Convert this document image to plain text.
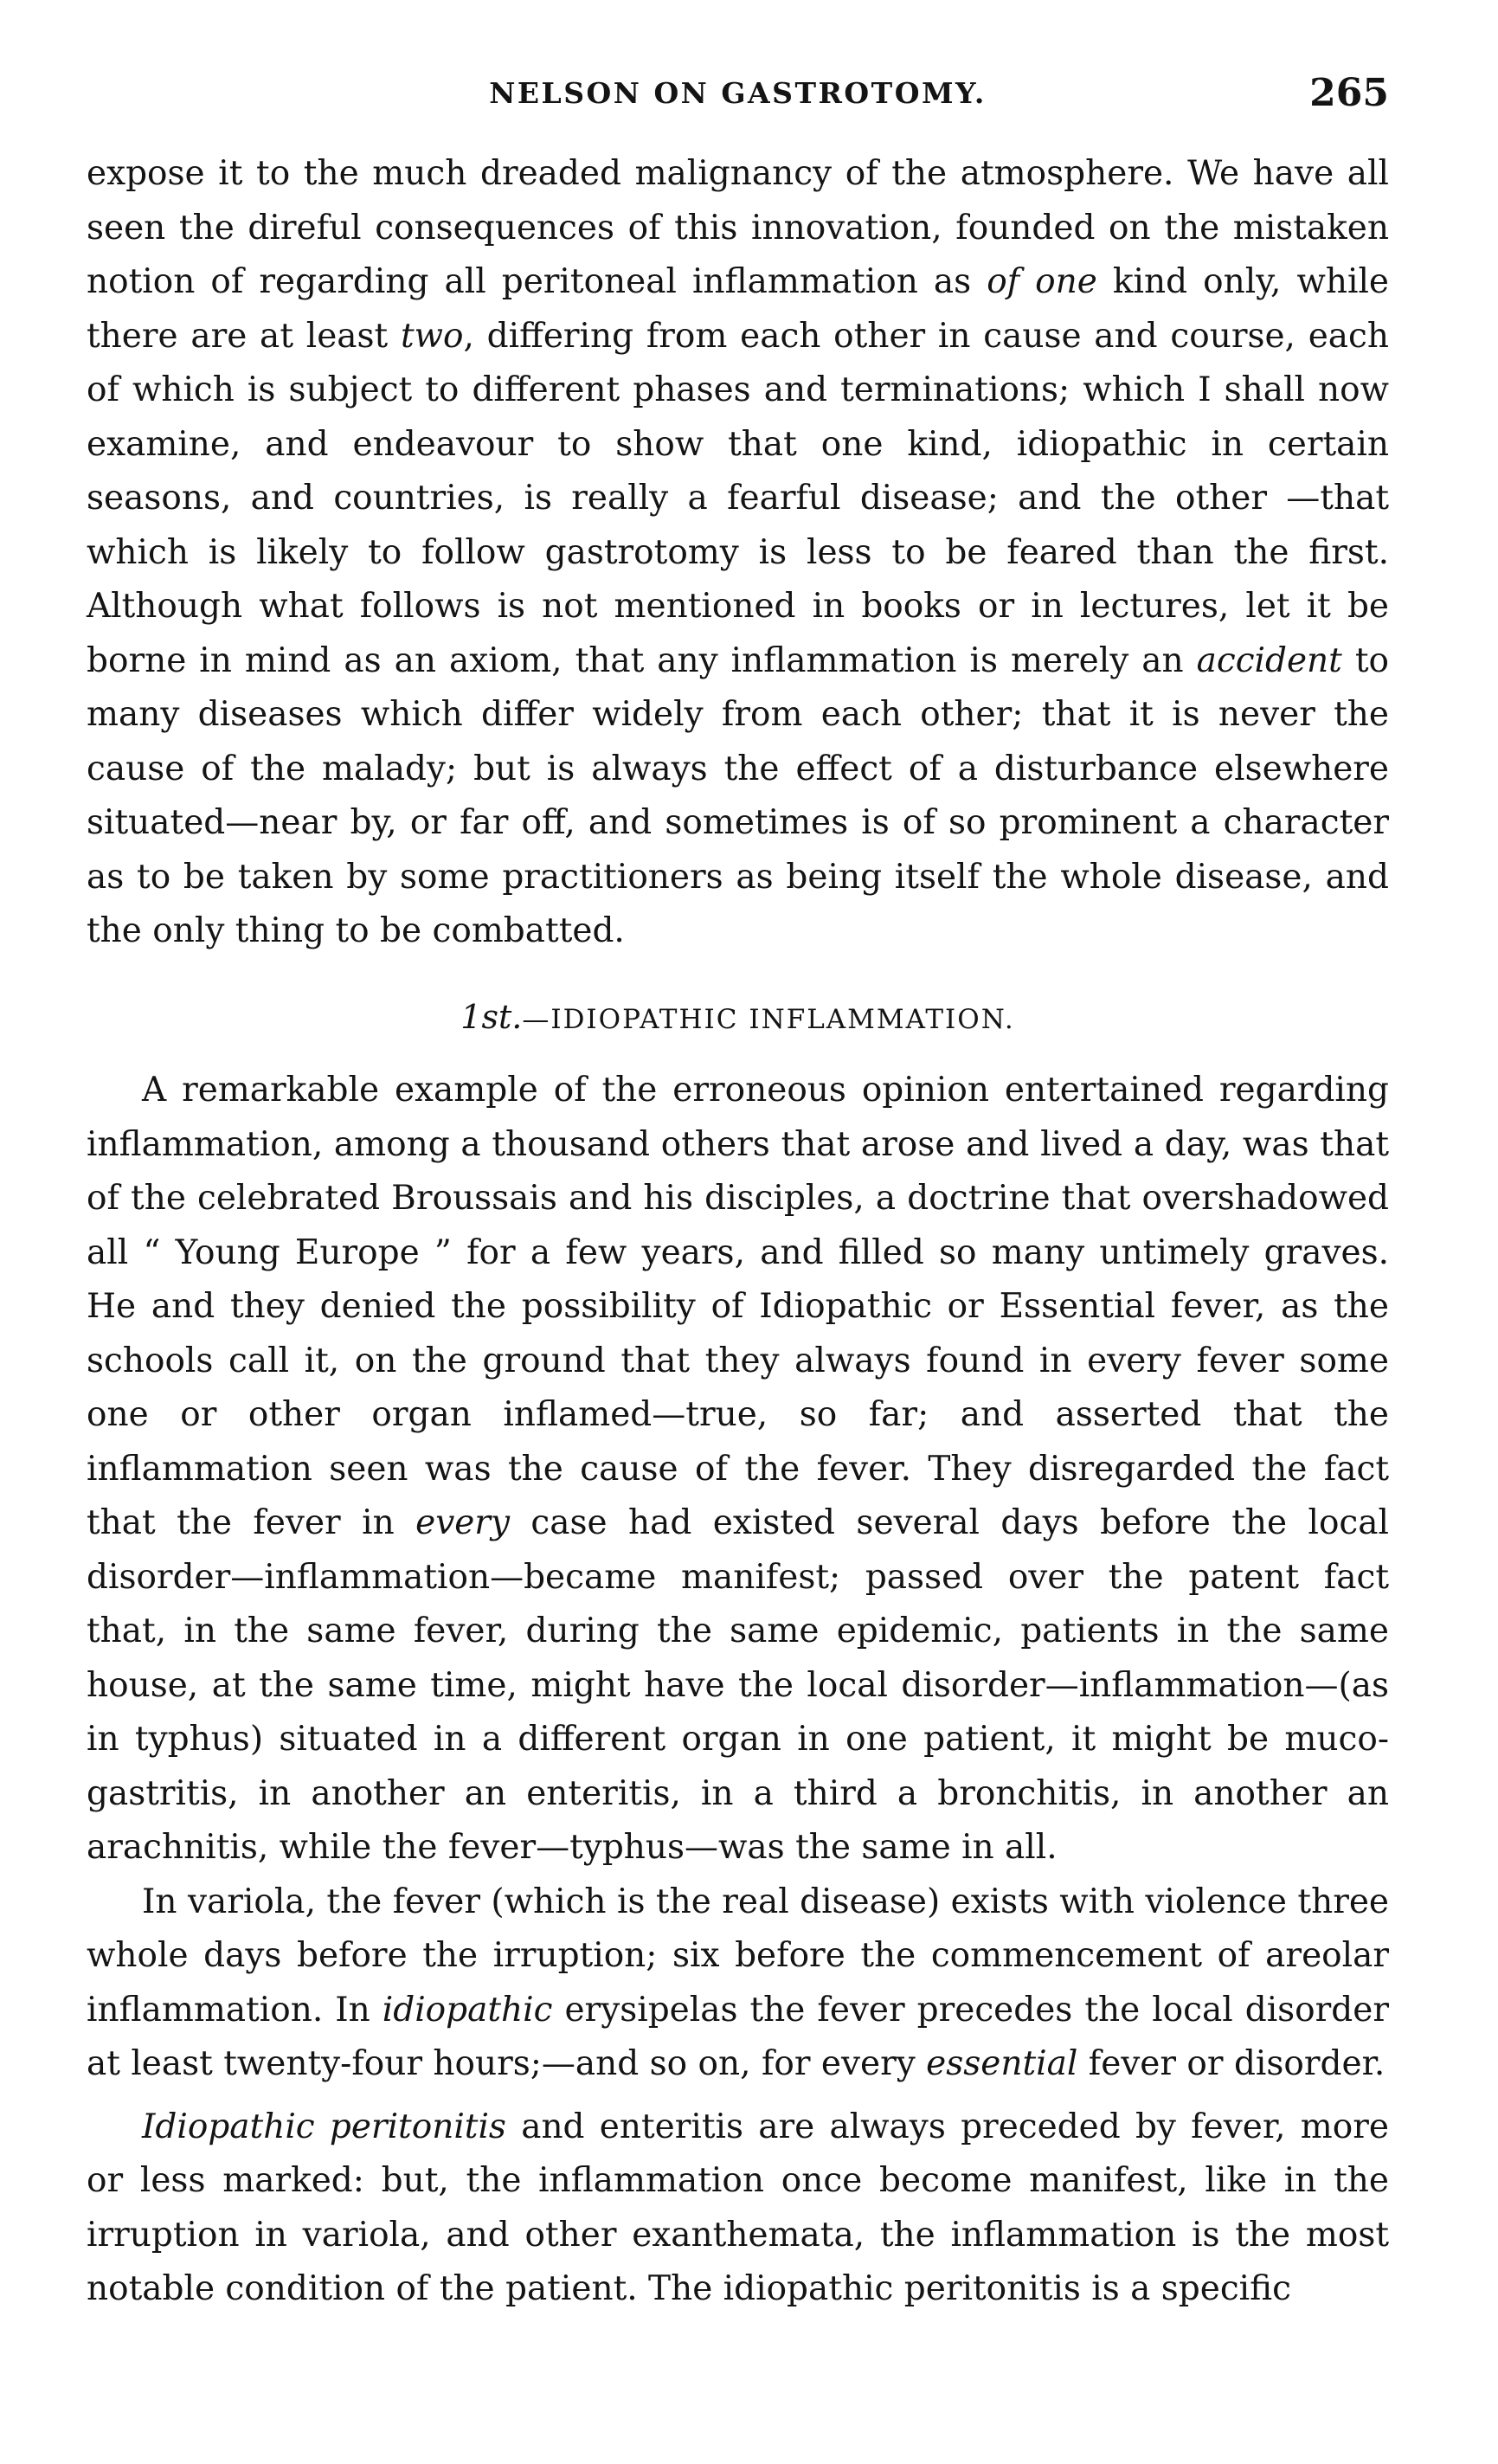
NELSON ON GASTROTOMY.	265

expose it to the much dreaded malignancy of the atmosphere. We have all seen the direful consequences of this innovation, founded on the mistaken notion of regarding all peritoneal inflammation as of one kind only, while there are at least two, differing from each other in cause and course, each of which is subject to different phases and terminations; which I shall now examine, and endeavour to show that one kind, idiopathic in certain seasons, and countries, is really a fearful disease; and the other —that which is likely to follow gastrotomy is less to be feared than the first. Although what follows is not mentioned in books or in lectures, let it be borne in mind as an axiom, that any inflammation is merely an accident to many diseases which differ widely from each other; that it is never the cause of the malady; but is always the effect of a disturbance elsewhere situated—near by, or far off, and sometimes is of so prominent a character as to be taken by some practitioners as being itself the whole disease, and the only thing to be combatted.

1st.—IDIOPATHIC INFLAMMATION.

A remarkable example of the erroneous opinion entertained regarding inflammation, among a thousand others that arose and lived a day, was that of the celebrated Broussais and his disciples, a doctrine that overshadowed all “ Young Europe ” for a few years, and filled so many untimely graves. He and they denied the possibility of Idiopathic or Essential fever, as the schools call it, on the ground that they always found in every fever some one or other organ inflamed—true, so far; and asserted that the inflammation seen was the cause of the fever. They disregarded the fact that the fever in every case had existed several days before the local disorder—inflammation—became manifest; passed over the patent fact that, in the same fever, during the same epidemic, patients in the same house, at the same time, might have the local disorder—inflammation—(as in typhus) situated in a different organ in one patient, it might be muco-gastritis, in another an enteritis, in a third a bronchitis, in another an arachnitis, while the fever—typhus—was the same in all.

In variola, the fever (which is the real disease) exists with violence three whole days before the irruption; six before the commencement of areolar inflammation. In idiopathic erysipelas the fever precedes the local disorder at least twenty-four hours;—and so on, for every essential fever or disorder.

Idiopathic peritonitis and enteritis are always preceded by fever, more or less marked: but, the inflammation once become manifest, like in the irruption in variola, and other exanthemata, the inflammation is the most notable condition of the patient. The idiopathic peritonitis is a specific
